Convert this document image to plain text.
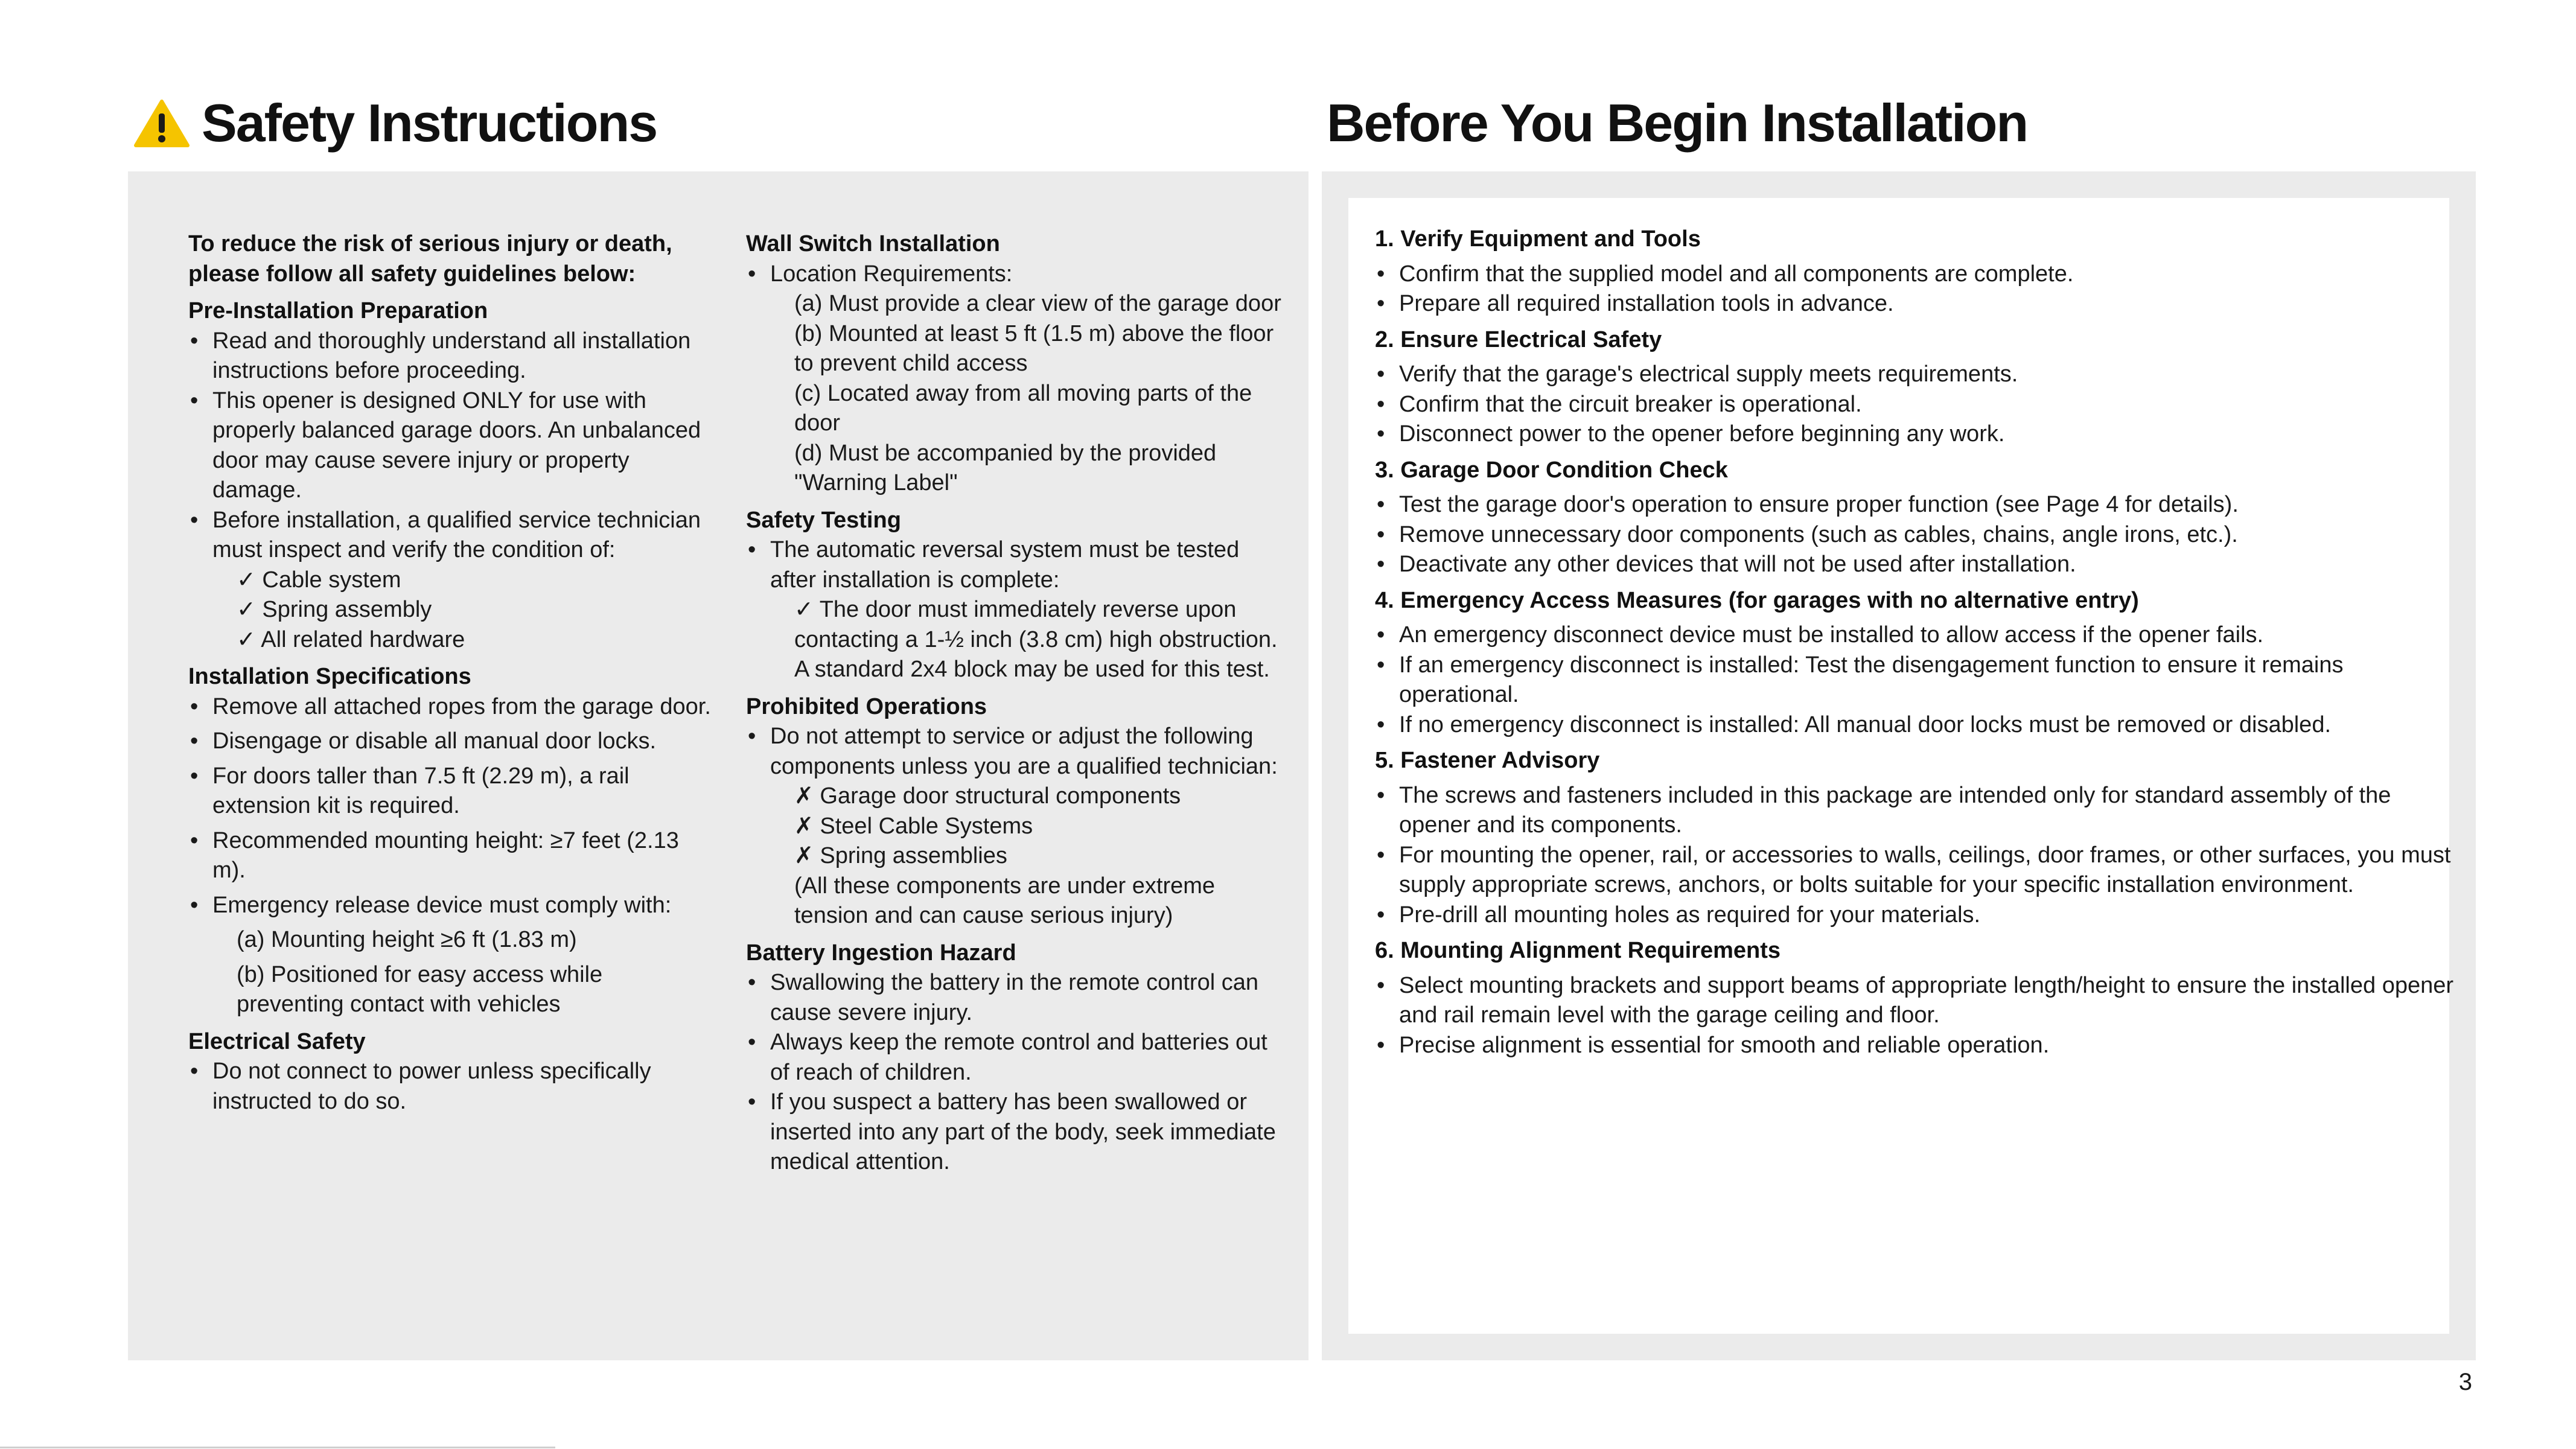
Safety Instructions	Before You Begin Installation
To reduce the risk of serious injury or death, please follow all safety guidelines below:
Pre-Installation Preparation
• Read and thoroughly understand all installation instructions before proceeding.
• This opener is designed ONLY for use with properly balanced garage doors. An unbalanced door may cause severe injury or property damage.
• Before installation, a qualified service technician must inspect and verify the condition of:
✓ Cable system
✓ Spring assembly
✓ All related hardware
Installation Specifications
• Remove all attached ropes from the garage door.
• Disengage or disable all manual door locks.
• For doors taller than 7.5 ft (2.29 m), a rail extension kit is required.
• Recommended mounting height: ≥7 feet (2.13 m).
• Emergency release device must comply with:
(a) Mounting height ≥6 ft (1.83 m)
(b) Positioned for easy access while preventing contact with vehicles
Electrical Safety
• Do not connect to power unless specifically instructed to do so.
Wall Switch Installation
• Location Requirements:
(a) Must provide a clear view of the garage door
(b) Mounted at least 5 ft (1.5 m) above the floor to prevent child access
(c) Located away from all moving parts of the door
(d) Must be accompanied by the provided "Warning Label"
Safety Testing
• The automatic reversal system must be tested after installation is complete:
✓ The door must immediately reverse upon contacting a 1-½ inch (3.8 cm) high obstruction. A standard 2x4 block may be used for this test.
Prohibited Operations
• Do not attempt to service or adjust the following components unless you are a qualified technician:
✗ Garage door structural components
✗ Steel Cable Systems
✗ Spring assemblies
(All these components are under extreme tension and can cause serious injury)
Battery Ingestion Hazard
• Swallowing the battery in the remote control can cause severe injury.
• Always keep the remote control and batteries out of reach of children.
• If you suspect a battery has been swallowed or inserted into any part of the body, seek immediate medical attention.
1. Verify Equipment and Tools
• Confirm that the supplied model and all components are complete.
• Prepare all required installation tools in advance.
2. Ensure Electrical Safety
• Verify that the garage's electrical supply meets requirements.
• Confirm that the circuit breaker is operational.
• Disconnect power to the opener before beginning any work.
3. Garage Door Condition Check
• Test the garage door's operation to ensure proper function (see Page 4 for details).
• Remove unnecessary door components (such as cables, chains, angle irons, etc.).
• Deactivate any other devices that will not be used after installation.
4. Emergency Access Measures (for garages with no alternative entry)
• An emergency disconnect device must be installed to allow access if the opener fails.
• If an emergency disconnect is installed: Test the disengagement function to ensure it remains operational.
• If no emergency disconnect is installed: All manual door locks must be removed or disabled.
5. Fastener Advisory
• The screws and fasteners included in this package are intended only for standard assembly of the opener and its components.
• For mounting the opener, rail, or accessories to walls, ceilings, door frames, or other surfaces, you must supply appropriate screws, anchors, or bolts suitable for your specific installation environment.
• Pre-drill all mounting holes as required for your materials.
6. Mounting Alignment Requirements
• Select mounting brackets and support beams of appropriate length/height to ensure the installed opener and rail remain level with the garage ceiling and floor.
• Precise alignment is essential for smooth and reliable operation.
3
